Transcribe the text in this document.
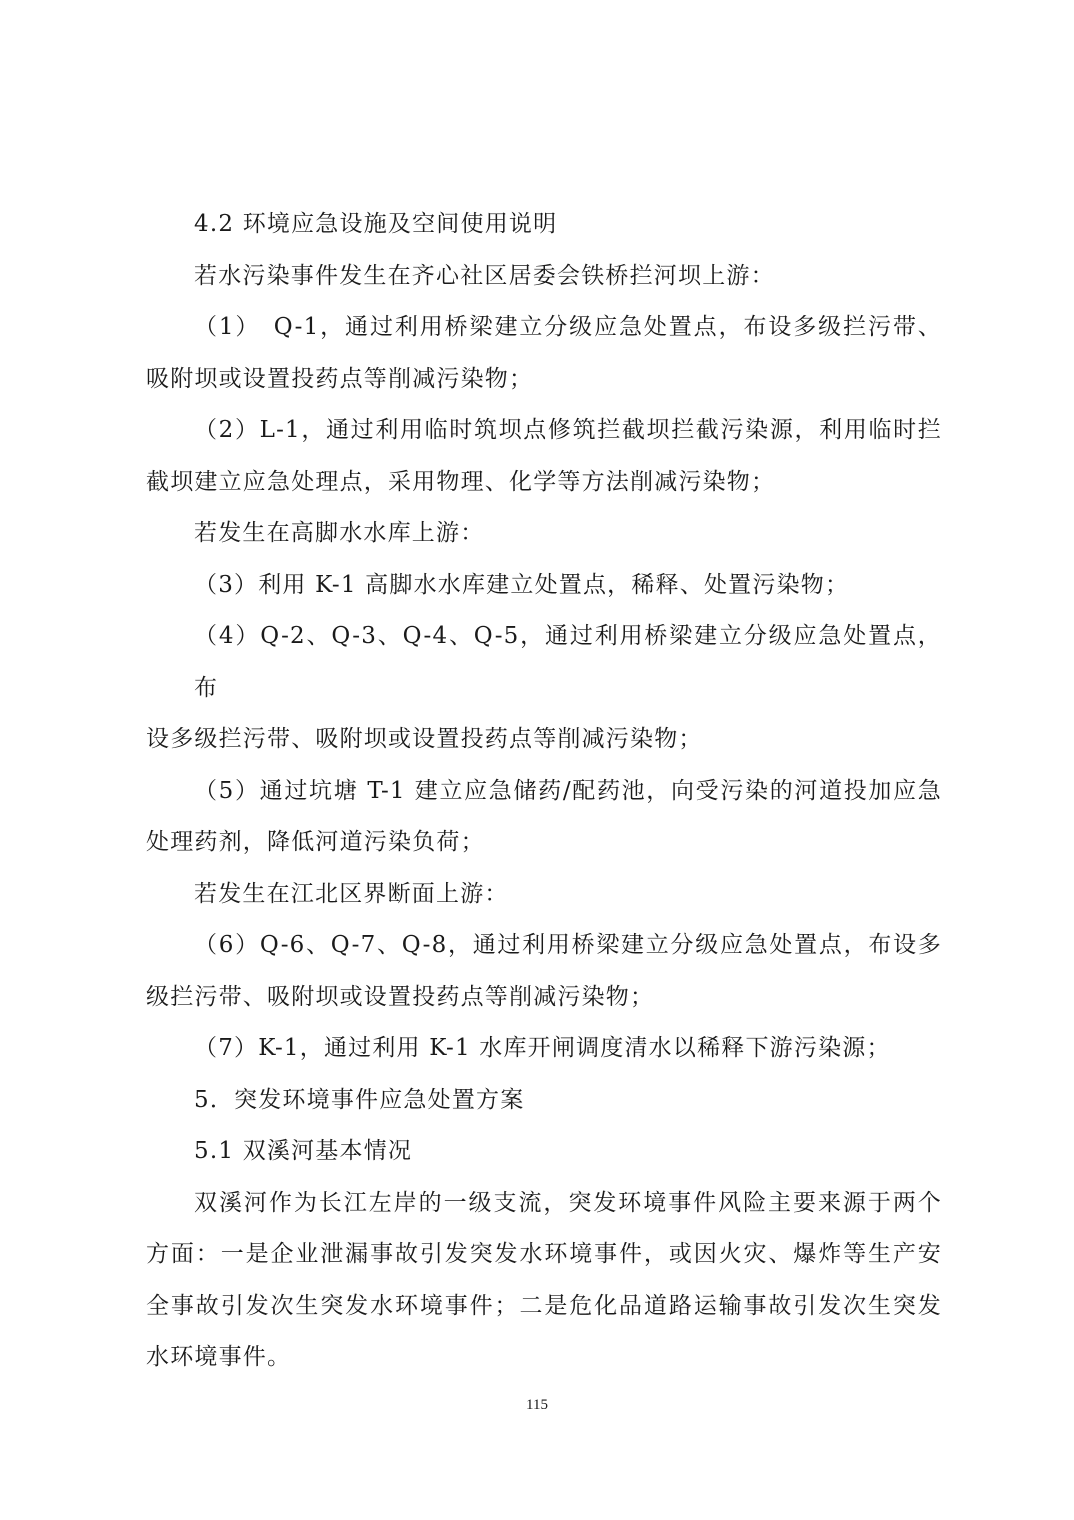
4.2 环境应急设施及空间使用说明
若水污染事件发生在齐心社区居委会铁桥拦河坝上游：
（1）　Q-1，通过利用桥梁建立分级应急处置点，布设多级拦污带、
吸附坝或设置投药点等削减污染物；
（2）L-1，通过利用临时筑坝点修筑拦截坝拦截污染源，利用临时拦
截坝建立应急处理点，采用物理、化学等方法削减污染物；
若发生在高脚水水库上游：
（3）利用 K-1 高脚水水库建立处置点，稀释、处置污染物；
（4）Q-2、Q-3、Q-4、Q-5，通过利用桥梁建立分级应急处置点，布
设多级拦污带、吸附坝或设置投药点等削减污染物；
（5）通过坑塘 T-1 建立应急储药/配药池，向受污染的河道投加应急
处理药剂，降低河道污染负荷；
若发生在江北区界断面上游：
（6）Q-6、Q-7、Q-8，通过利用桥梁建立分级应急处置点，布设多
级拦污带、吸附坝或设置投药点等削减污染物；
（7）K-1，通过利用 K-1 水库开闸调度清水以稀释下游污染源；
5．突发环境事件应急处置方案
5.1 双溪河基本情况
双溪河作为长江左岸的一级支流，突发环境事件风险主要来源于两个
方面：一是企业泄漏事故引发突发水环境事件，或因火灾、爆炸等生产安
全事故引发次生突发水环境事件；二是危化品道路运输事故引发次生突发
水环境事件。
115
